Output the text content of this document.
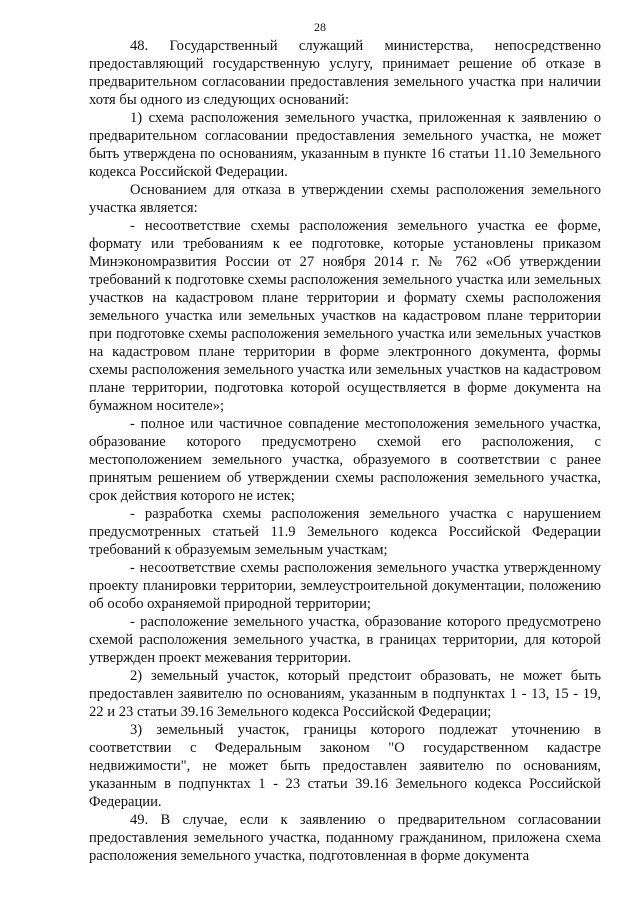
28

48. Государственный служащий министерства, непосредственно предоставляющий государственную услугу, принимает решение об отказе в предварительном согласовании предоставления земельного участка при наличии хотя бы одного из следующих оснований:

1) схема расположения земельного участка, приложенная к заявлению о предварительном согласовании предоставления земельного участка, не может быть утверждена по основаниям, указанным в пункте 16 статьи 11.10 Земельного кодекса Российской Федерации.

Основанием для отказа в утверждении схемы расположения земельного участка является:

- несоответствие схемы расположения земельного участка ее форме, формату или требованиям к ее подготовке, которые установлены приказом Минэкономразвития России от 27 ноября 2014 г. № 762 «Об утверждении требований к подготовке схемы расположения земельного участка или земельных участков на кадастровом плане территории и формату схемы расположения земельного участка или земельных участков на кадастровом плане территории при подготовке схемы расположения земельного участка или земельных участков на кадастровом плане территории в форме электронного документа, формы схемы расположения земельного участка или земельных участков на кадастровом плане территории, подготовка которой осуществляется в форме документа на бумажном носителе»;

- полное или частичное совпадение местоположения земельного участка, образование которого предусмотрено схемой его расположения, с местоположением земельного участка, образуемого в соответствии с ранее принятым решением об утверждении схемы расположения земельного участка, срок действия которого не истек;

- разработка схемы расположения земельного участка с нарушением предусмотренных статьей 11.9 Земельного кодекса Российской Федерации требований к образуемым земельным участкам;

- несоответствие схемы расположения земельного участка утвержденному проекту планировки территории, землеустроительной документации, положению об особо охраняемой природной территории;

- расположение земельного участка, образование которого предусмотрено схемой расположения земельного участка, в границах территории, для которой утвержден проект межевания территории.

2) земельный участок, который предстоит образовать, не может быть предоставлен заявителю по основаниям, указанным в подпунктах 1 - 13, 15 - 19, 22 и 23 статьи 39.16 Земельного кодекса Российской Федерации;

3) земельный участок, границы которого подлежат уточнению в соответствии с Федеральным законом "О государственном кадастре недвижимости", не может быть предоставлен заявителю по основаниям, указанным в подпунктах 1 - 23 статьи 39.16 Земельного кодекса Российской Федерации.

49. В случае, если к заявлению о предварительном согласовании предоставления земельного участка, поданному гражданином, приложена схема расположения земельного участка, подготовленная в форме документа
